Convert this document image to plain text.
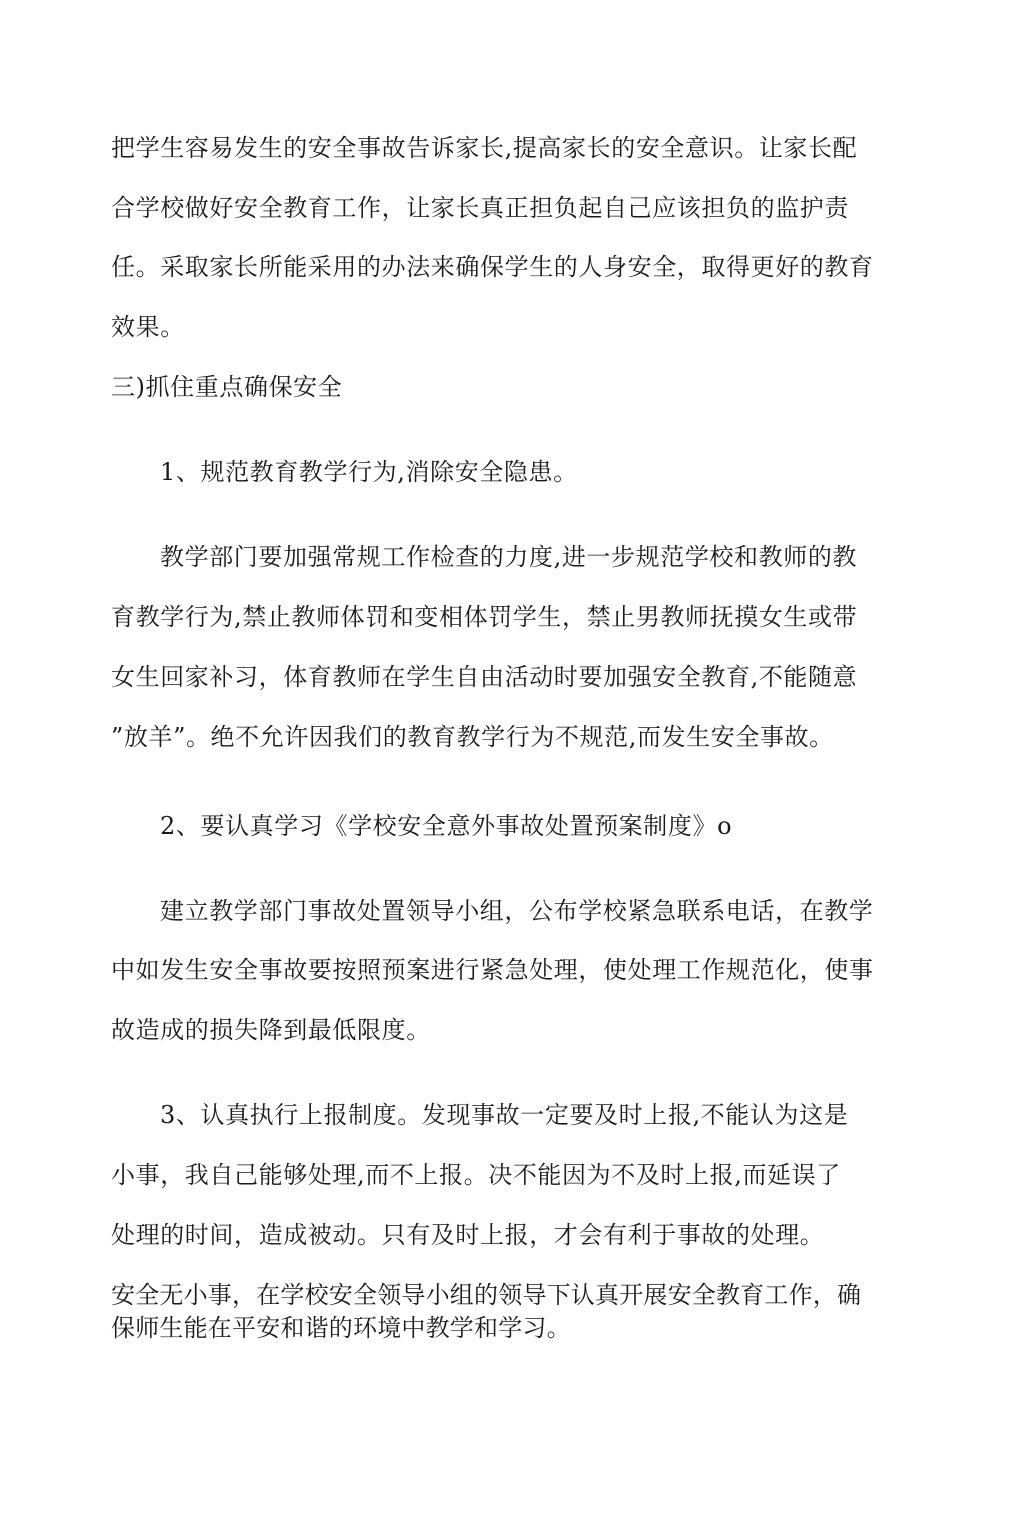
把学生容易发生的安全事故告诉家长,提高家长的安全意识。让家长配
合学校做好安全教育工作，让家长真正担负起自己应该担负的监护责
任。采取家长所能采用的办法来确保学生的人身安全，取得更好的教育
效果。
三)抓住重点确保安全
1、规范教育教学行为,消除安全隐患。
教学部门要加强常规工作检查的力度,进一步规范学校和教师的教
育教学行为,禁止教师体罚和变相体罚学生，禁止男教师抚摸女生或带
女生回家补习，体育教师在学生自由活动时要加强安全教育,不能随意
”放羊”。绝不允许因我们的教育教学行为不规范,而发生安全事故。
2、要认真学习《学校安全意外事故处置预案制度》o
建立教学部门事故处置领导小组，公布学校紧急联系电话，在教学
中如发生安全事故要按照预案进行紧急处理，使处理工作规范化，使事
故造成的损失降到最低限度。
3、认真执行上报制度。发现事故一定要及时上报,不能认为这是
小事，我自己能够处理,而不上报。决不能因为不及时上报,而延误了
处理的时间，造成被动。只有及时上报，才会有利于事故的处理。
安全无小事，在学校安全领导小组的领导下认真开展安全教育工作，确
保师生能在平安和谐的环境中教学和学习。
